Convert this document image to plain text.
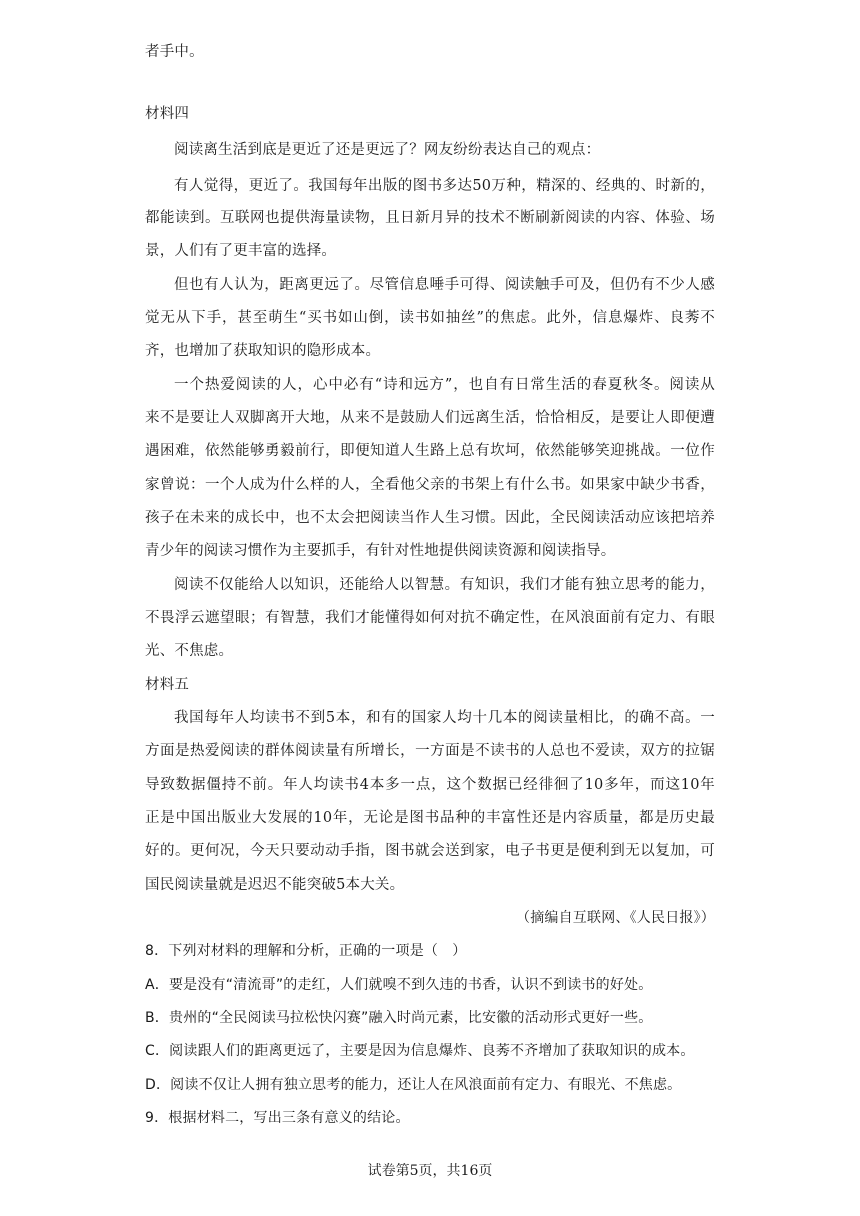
者手中。
材料四
阅读离生活到底是更近了还是更远了？网友纷纷表达自己的观点：
有人觉得，更近了。我国每年出版的图书多达50万种，精深的、经典的、时新的，
都能读到。互联网也提供海量读物，且日新月异的技术不断刷新阅读的内容、体验、场
景，人们有了更丰富的选择。
但也有人认为，距离更远了。尽管信息唾手可得、阅读触手可及，但仍有不少人感
觉无从下手，甚至萌生“买书如山倒，读书如抽丝”的焦虑。此外，信息爆炸、良莠不
齐，也增加了获取知识的隐形成本。
一个热爱阅读的人，心中必有“诗和远方”，也自有日常生活的春夏秋冬。阅读从
来不是要让人双脚离开大地，从来不是鼓励人们远离生活，恰恰相反，是要让人即便遭
遇困难，依然能够勇毅前行，即便知道人生路上总有坎坷，依然能够笑迎挑战。一位作
家曾说：一个人成为什么样的人，全看他父亲的书架上有什么书。如果家中缺少书香，
孩子在未来的成长中，也不太会把阅读当作人生习惯。因此，全民阅读活动应该把培养
青少年的阅读习惯作为主要抓手，有针对性地提供阅读资源和阅读指导。
阅读不仅能给人以知识，还能给人以智慧。有知识，我们才能有独立思考的能力，
不畏浮云遮望眼；有智慧，我们才能懂得如何对抗不确定性，在风浪面前有定力、有眼
光、不焦虑。
材料五
我国每年人均读书不到5本，和有的国家人均十几本的阅读量相比，的确不高。一
方面是热爱阅读的群体阅读量有所增长，一方面是不读书的人总也不爱读，双方的拉锯
导致数据僵持不前。年人均读书4本多一点，这个数据已经徘徊了10多年，而这10年
正是中国出版业大发展的10年，无论是图书品种的丰富性还是内容质量，都是历史最
好的。更何况，今天只要动动手指，图书就会送到家，电子书更是便利到无以复加，可
国民阅读量就是迟迟不能突破5本大关。
（摘编自互联网、《人民日报》）
8．下列对材料的理解和分析，正确的一项是（　）
A．要是没有“清流哥”的走红，人们就嗅不到久违的书香，认识不到读书的好处。
B．贵州的“全民阅读马拉松快闪赛”融入时尚元素，比安徽的活动形式更好一些。
C．阅读跟人们的距离更远了，主要是因为信息爆炸、良莠不齐增加了获取知识的成本。
D．阅读不仅让人拥有独立思考的能力，还让人在风浪面前有定力、有眼光、不焦虑。
9．根据材料二，写出三条有意义的结论。
试卷第5页，共16页
